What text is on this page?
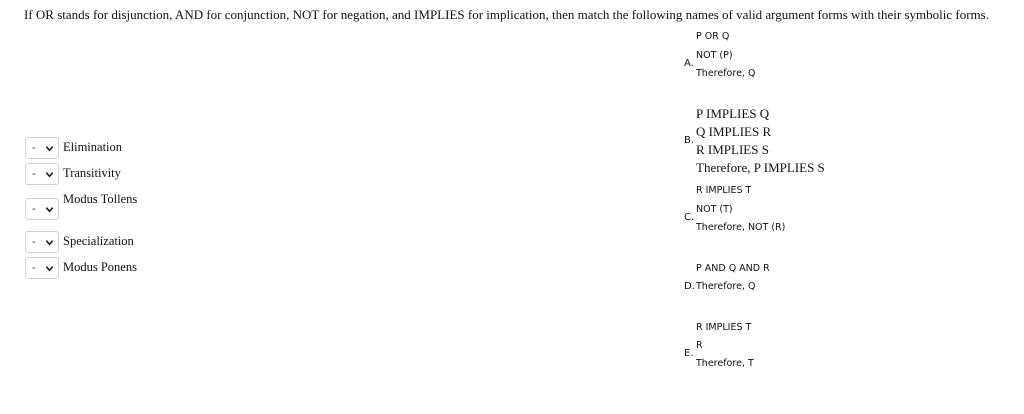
If OR stands for disjunction, AND for conjunction, NOT for negation, and IMPLIES for implication, then match the following names of valid argument forms with their symbolic forms.
- Elimination
- Transitivity
-
Modus Tollens
- Specialization
- Modus Ponens
A.
P OR Q
NOT (P)
Therefore, Q
B.
P IMPLIES Q
Q IMPLIES R
R IMPLIES S
Therefore, P IMPLIES S
C.
R IMPLIES T
NOT (T)
Therefore, NOT (R)
D.
P AND Q AND R
Therefore, Q
E.
R IMPLIES T
R
Therefore, T
